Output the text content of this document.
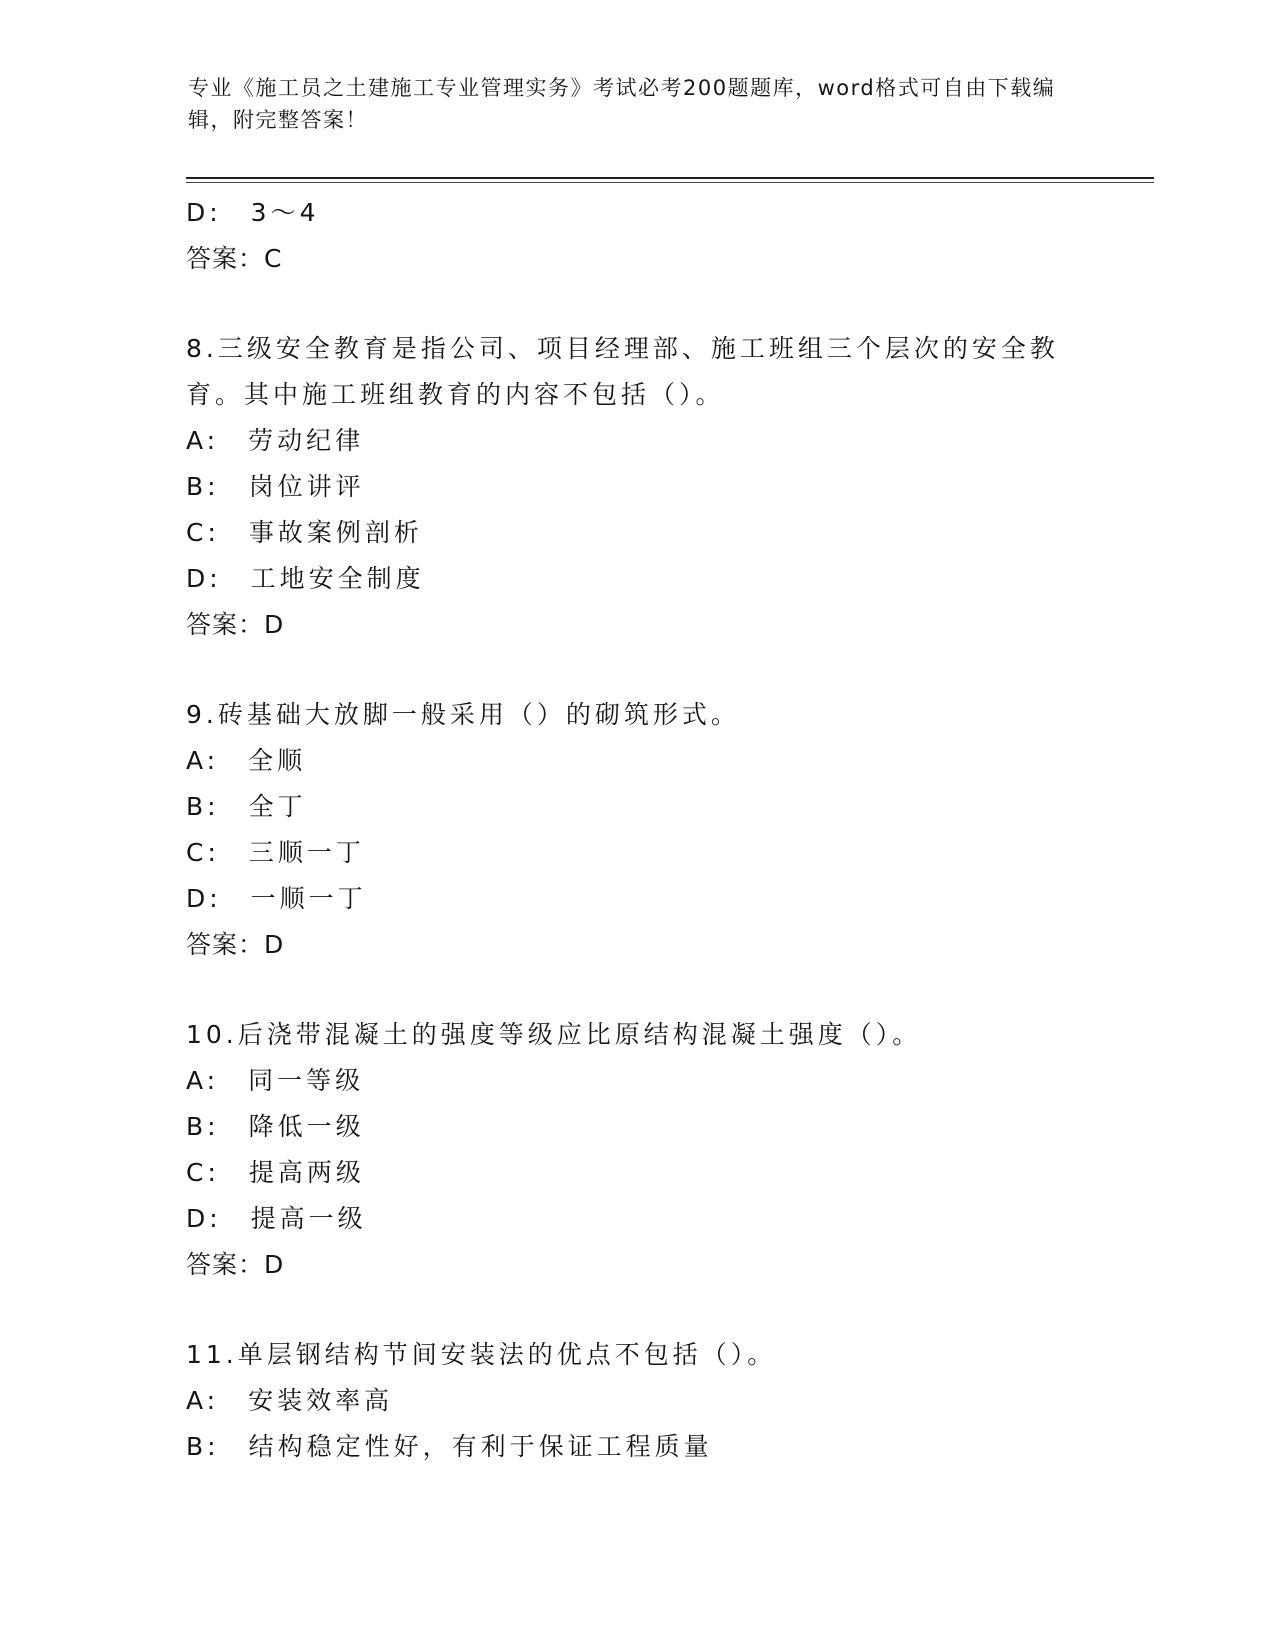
专业《施工员之土建施工专业管理实务》考试必考200题题库，word格式可自由下载编辑，附完整答案！
D:　3～4
答案：C
8.三级安全教育是指公司、项目经理部、施工班组三个层次的安全教育。其中施工班组教育的内容不包括（）。
A:　劳动纪律
B:　岗位讲评
C:　事故案例剖析
D:　工地安全制度
答案：D
9.砖基础大放脚一般采用（）的砌筑形式。
A:　全顺
B:　全丁
C:　三顺一丁
D:　一顺一丁
答案：D
10.后浇带混凝土的强度等级应比原结构混凝土强度（）。
A:　同一等级
B:　降低一级
C:　提高两级
D:　提高一级
答案：D
11.单层钢结构节间安装法的优点不包括（）。
A:　安装效率高
B:　结构稳定性好，有利于保证工程质量
